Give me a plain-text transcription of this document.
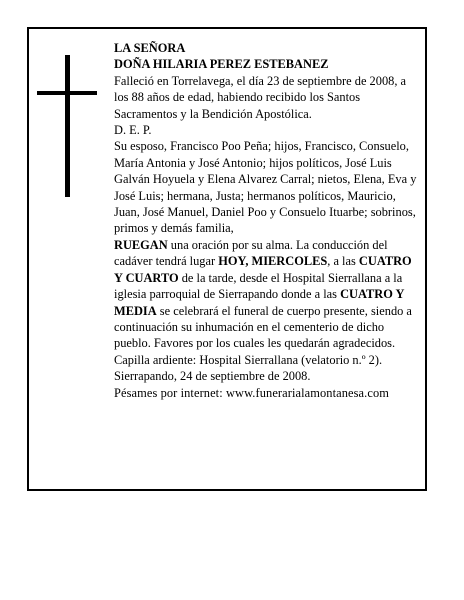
LA SEÑORA

DOÑA HILARIA PEREZ ESTEBANEZ

Falleció en Torrelavega, el día 23 de septiembre de 2008, a los 88 años de edad, habiendo recibido los Santos Sacramentos y la Bendición Apostólica.

D. E. P.

Su esposo, Francisco Poo Peña; hijos, Francisco, Consuelo, María Antonia y José Antonio; hijos políticos, José Luis Galván Hoyuela y Elena Alvarez Carral; nietos, Elena, Eva y José Luis; hermana, Justa; hermanos políticos, Mauricio, Juan, José Manuel, Daniel Poo y Consuelo Ituarbe; sobrinos, primos y demás familia,

RUEGAN una oración por su alma. La conducción del cadáver tendrá lugar HOY, MIERCOLES, a las CUATRO Y CUARTO de la tarde, desde el Hospital Sierrallana a la iglesia parroquial de Sierrapando donde a las CUATRO Y MEDIA se celebrará el funeral de cuerpo presente, siendo a continuación su inhumación en el cementerio de dicho pueblo. Favores por los cuales les quedarán agradecidos. Capilla ardiente: Hospital Sierrallana (velatorio n.º 2).

Sierrapando, 24 de septiembre de 2008.

Pésames por internet: www.funerarialamontanesa.com
